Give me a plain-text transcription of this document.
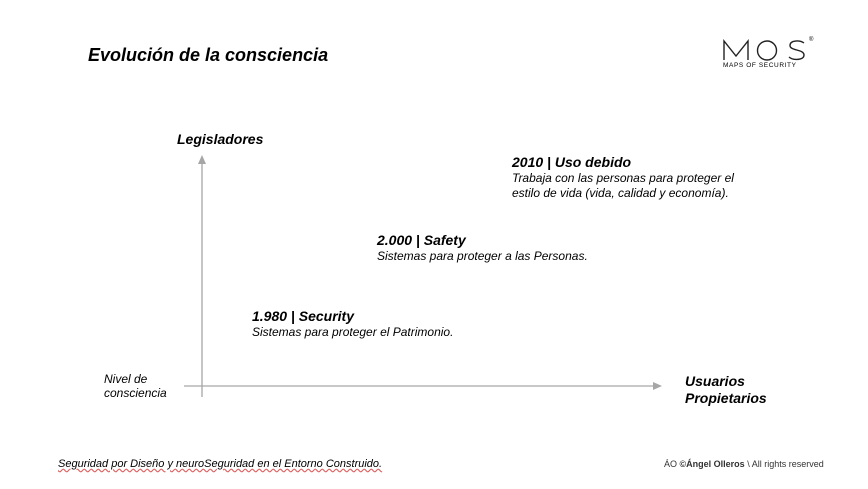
Evolución de la consciencia
®
MAPS OF SECURITY
Legisladores
Nivel de consciencia
Usuarios Propietarios
1.980 | Security
Sistemas para proteger el Patrimonio.
2.000 | Safety
Sistemas para proteger a las Personas.
2010 | Uso debido
Trabaja con las personas para proteger el
estilo de vida (vida, calidad y economía).
Seguridad por Diseño y neuroSeguridad en el Entorno Construido.	ÁO ©Ángel Olleros \ All rights reserved
